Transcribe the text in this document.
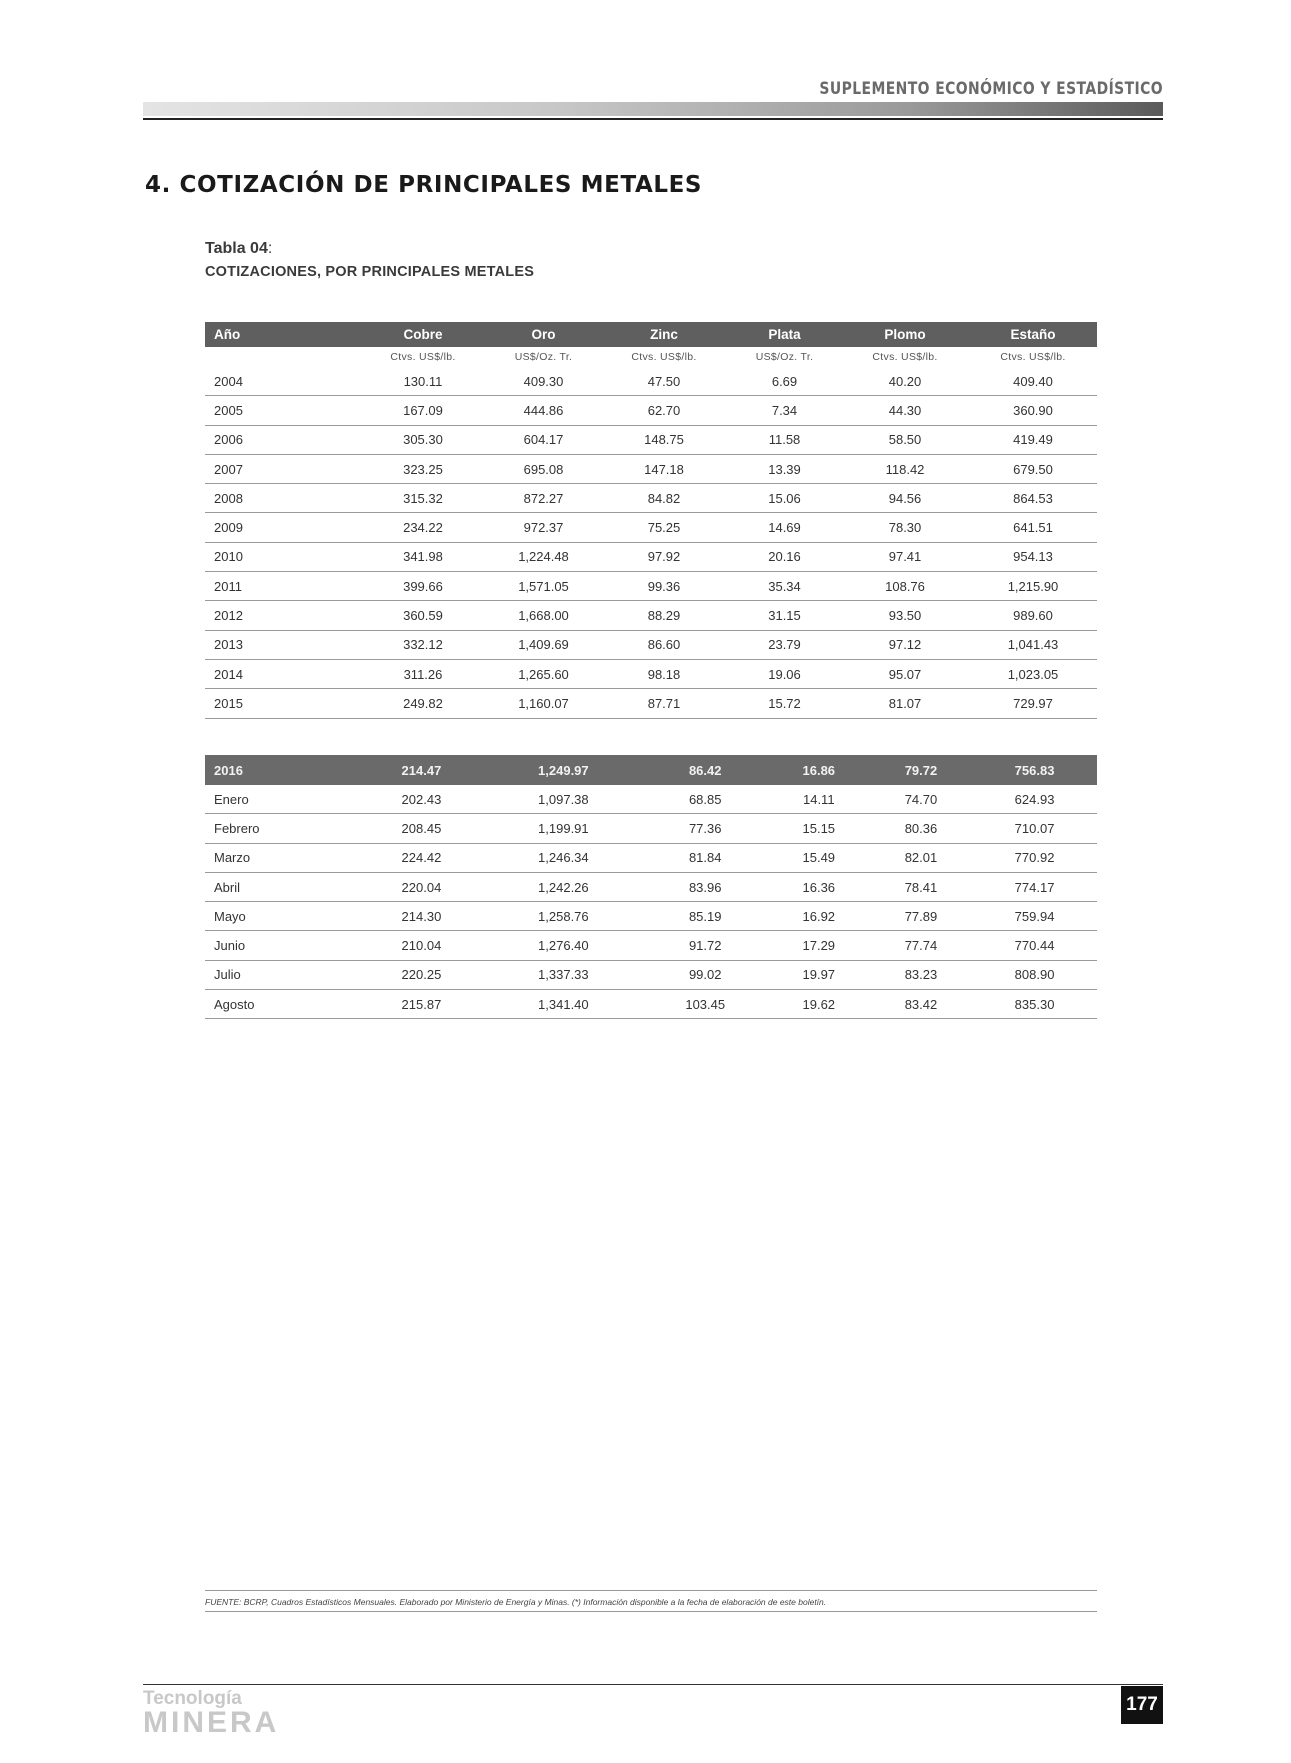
SUPLEMENTO ECONÓMICO Y ESTADÍSTICO
4. COTIZACIÓN DE PRINCIPALES METALES
Tabla 04:
COTIZACIONES, POR PRINCIPALES METALES
Año	Cobre	Oro	Zinc	Plata	Plomo	Estaño
	Ctvs. US$/lb.	US$/Oz. Tr.	Ctvs. US$/lb.	US$/Oz. Tr.	Ctvs. US$/lb.	Ctvs. US$/lb.
2004	130.11	409.30	47.50	6.69	40.20	409.40
2005	167.09	444.86	62.70	7.34	44.30	360.90
2006	305.30	604.17	148.75	11.58	58.50	419.49
2007	323.25	695.08	147.18	13.39	118.42	679.50
2008	315.32	872.27	84.82	15.06	94.56	864.53
2009	234.22	972.37	75.25	14.69	78.30	641.51
2010	341.98	1,224.48	97.92	20.16	97.41	954.13
2011	399.66	1,571.05	99.36	35.34	108.76	1,215.90
2012	360.59	1,668.00	88.29	31.15	93.50	989.60
2013	332.12	1,409.69	86.60	23.79	97.12	1,041.43
2014	311.26	1,265.60	98.18	19.06	95.07	1,023.05
2015	249.82	1,160.07	87.71	15.72	81.07	729.97
2016	214.47	1,249.97	86.42	16.86	79.72	756.83
Enero	202.43	1,097.38	68.85	14.11	74.70	624.93
Febrero	208.45	1,199.91	77.36	15.15	80.36	710.07
Marzo	224.42	1,246.34	81.84	15.49	82.01	770.92
Abril	220.04	1,242.26	83.96	16.36	78.41	774.17
Mayo	214.30	1,258.76	85.19	16.92	77.89	759.94
Junio	210.04	1,276.40	91.72	17.29	77.74	770.44
Julio	220.25	1,337.33	99.02	19.97	83.23	808.90
Agosto	215.87	1,341.40	103.45	19.62	83.42	835.30
FUENTE: BCRP, Cuadros Estadísticos Mensuales. Elaborado por Ministerio de Energía y Minas. (*) Información disponible a la fecha de elaboración de este boletín.
Tecnología
MINERA
177
